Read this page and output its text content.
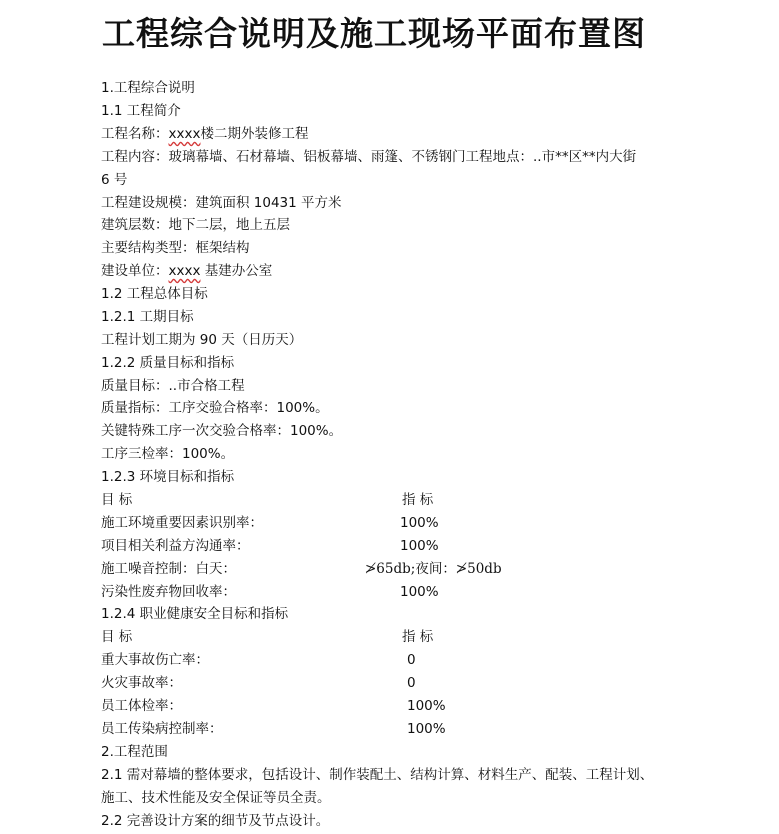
工程综合说明及施工现场平面布置图
1.工程综合说明
1.1 工程简介
工程名称：xxxx楼二期外装修工程
工程内容：玻璃幕墙、石材幕墙、铝板幕墙、雨篷、不锈钢门工程地点：..市**区**内大街
6 号
工程建设规模：建筑面积 10431 平方米
建筑层数：地下二层，地上五层
主要结构类型：框架结构
建设单位：xxxx 基建办公室
1.2 工程总体目标
1.2.1 工期目标
工程计划工期为 90 天（日历天）
1.2.2 质量目标和指标
质量目标：..市合格工程
质量指标：工序交验合格率：100%。
关键特殊工序一次交验合格率：100%。
工序三检率：100%。
1.2.3 环境目标和指标
目 标	指 标
施工环境重要因素识别率：	100%
项目相关利益方沟通率：	100%
施工噪音控制：白天：	≯65db;夜间：≯50db
污染性废弃物回收率：	100%
1.2.4 职业健康安全目标和指标
目 标	指 标
重大事故伤亡率：	0
火灾事故率：	0
员工体检率：	100%
员工传染病控制率：	100%
2.工程范围
2.1 需对幕墙的整体要求，包括设计、制作装配土、结构计算、材料生产、配装、工程计划、
施工、技术性能及安全保证等员全责。
2.2 完善设计方案的细节及节点设计。
